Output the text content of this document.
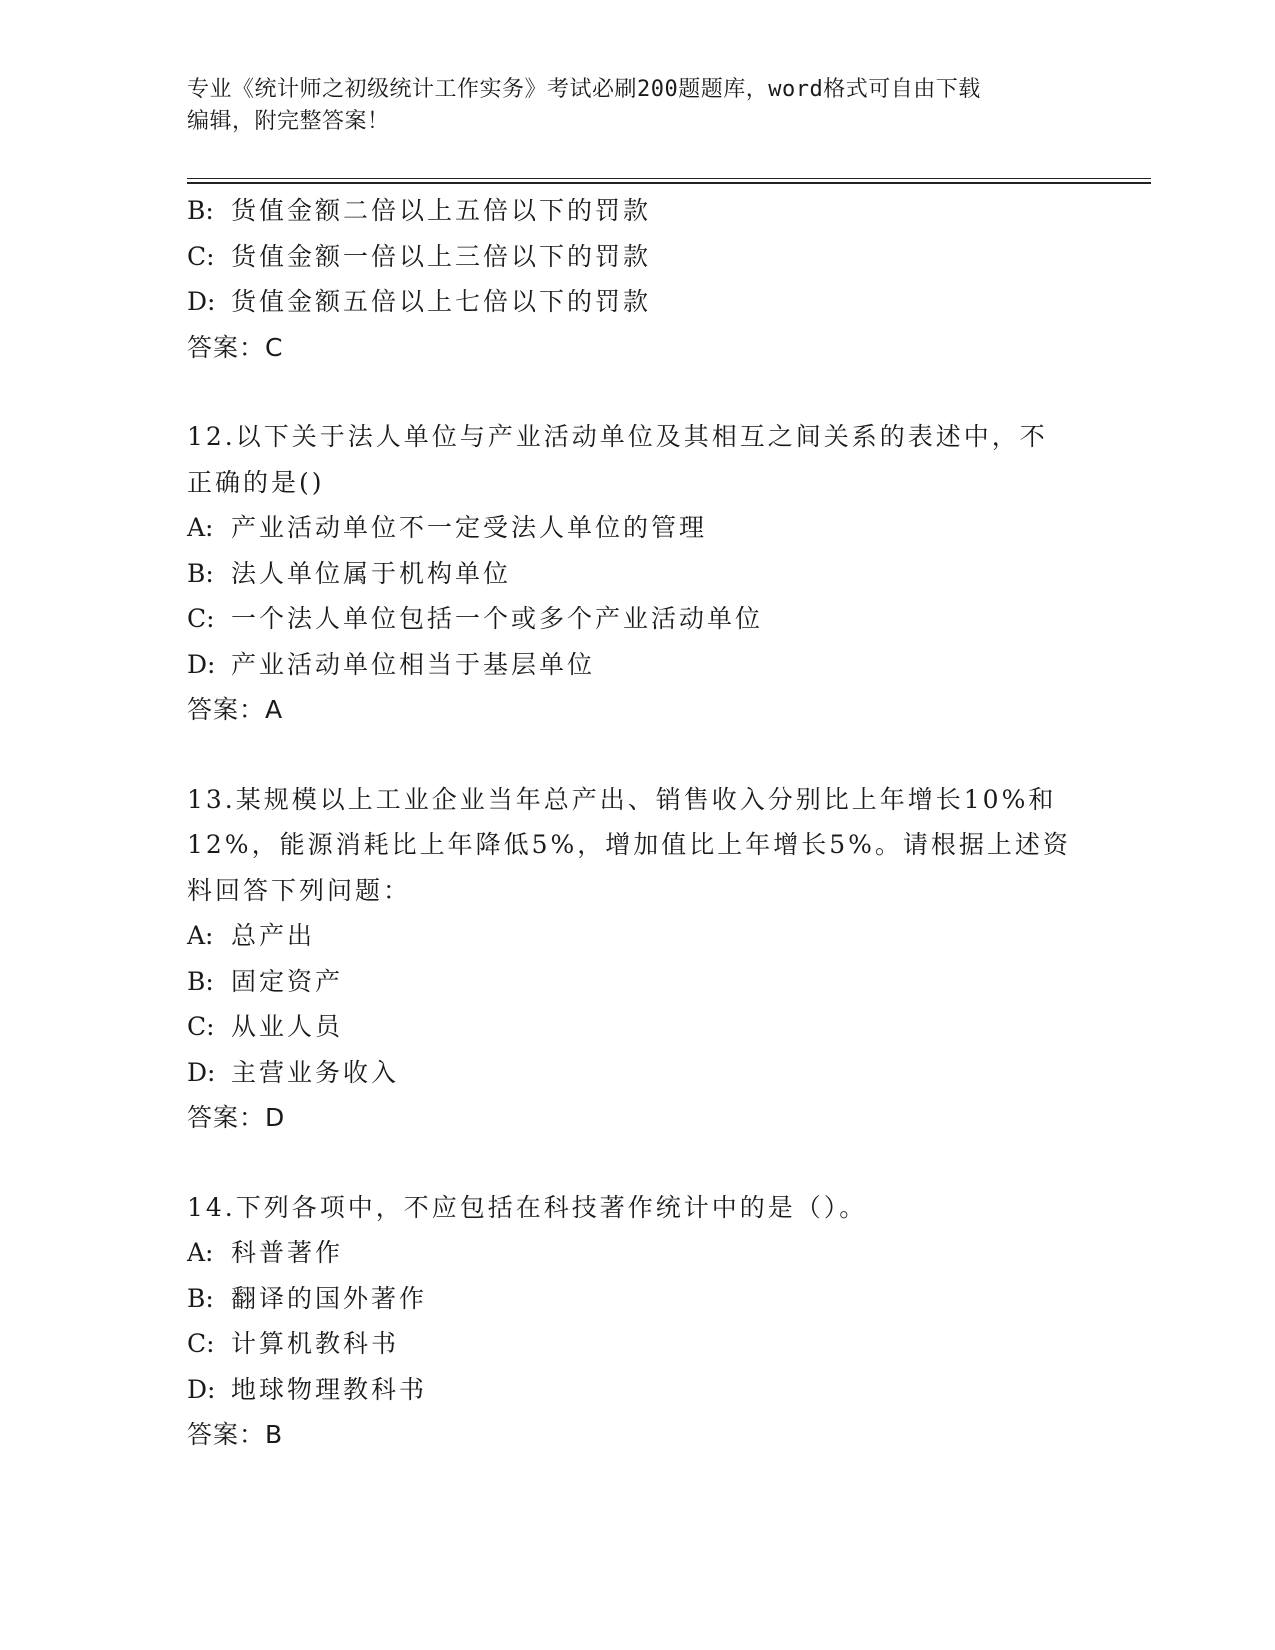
专业《统计师之初级统计工作实务》考试必刷200题题库，word格式可自由下载
编辑，附完整答案！
B: 货值金额二倍以上五倍以下的罚款
C: 货值金额一倍以上三倍以下的罚款
D: 货值金额五倍以上七倍以下的罚款
答案：C
12.以下关于法人单位与产业活动单位及其相互之间关系的表述中，不
正确的是()
A: 产业活动单位不一定受法人单位的管理
B: 法人单位属于机构单位
C: 一个法人单位包括一个或多个产业活动单位
D: 产业活动单位相当于基层单位
答案：A
13.某规模以上工业企业当年总产出、销售收入分别比上年增长10%和
12%，能源消耗比上年降低5%，增加值比上年增长5%。请根据上述资
料回答下列问题：
A: 总产出
B: 固定资产
C: 从业人员
D: 主营业务收入
答案：D
14.下列各项中，不应包括在科技著作统计中的是（）。
A: 科普著作
B: 翻译的国外著作
C: 计算机教科书
D: 地球物理教科书
答案：B
